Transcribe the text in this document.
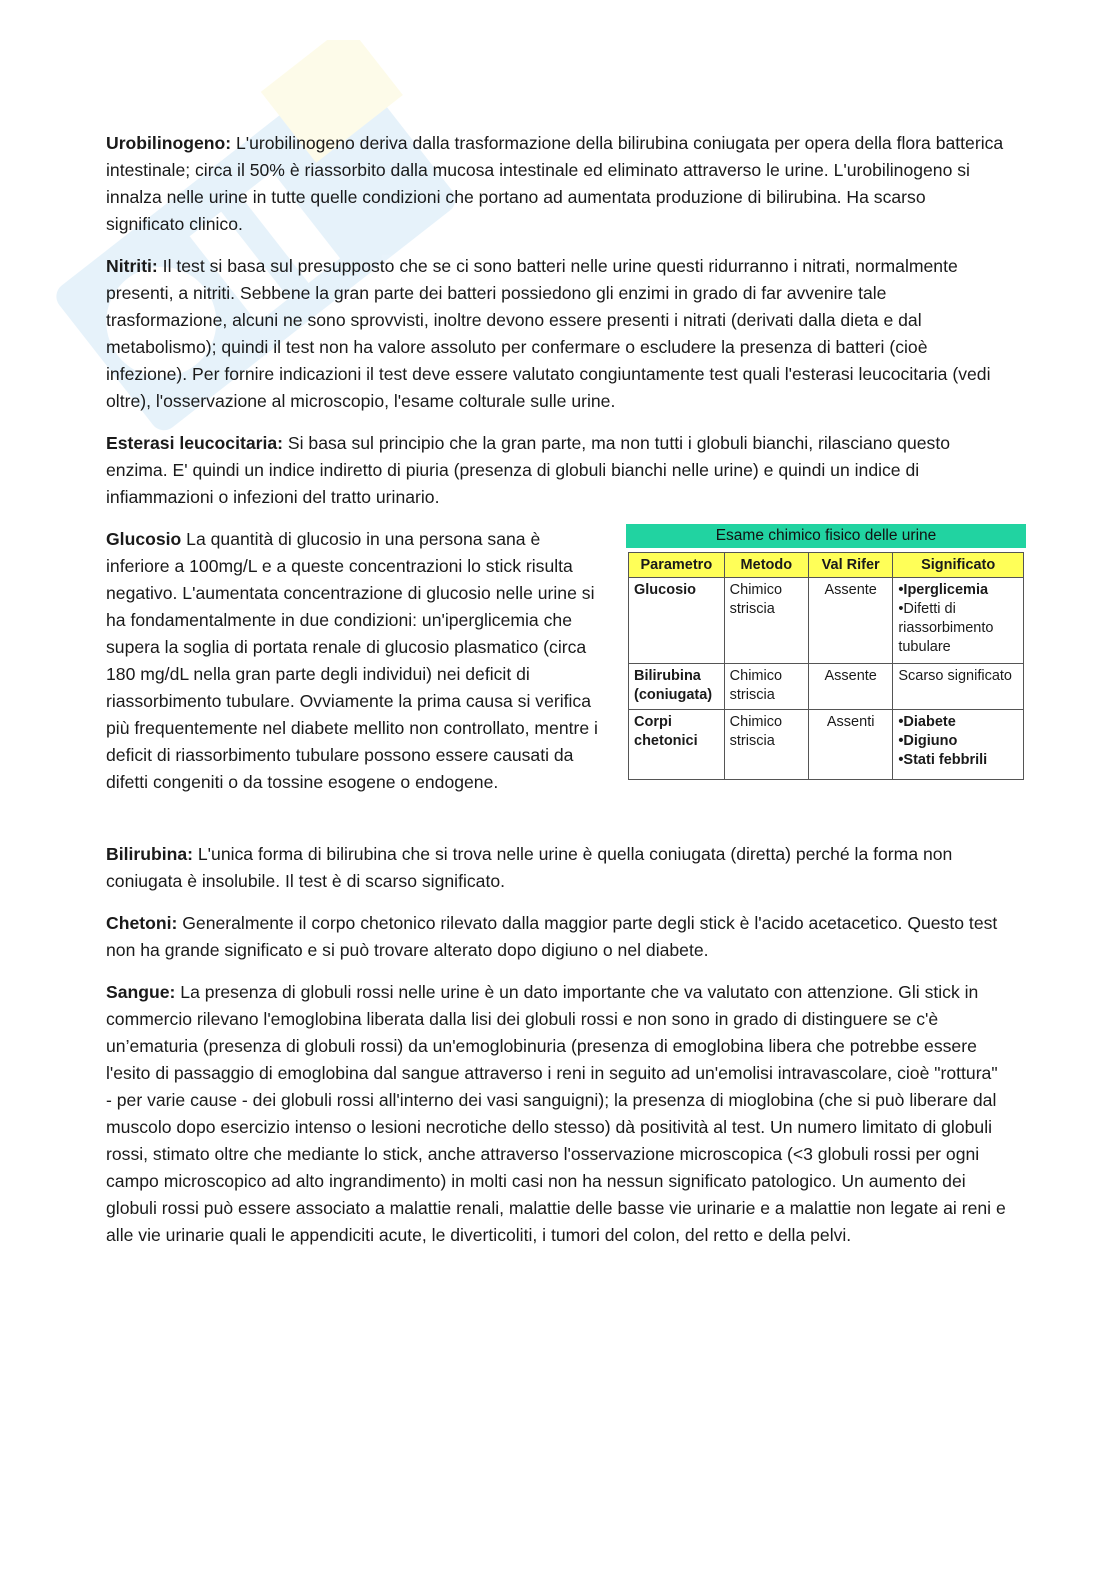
Urobilinogeno: L'urobilinogeno deriva dalla trasformazione della bilirubina coniugata per opera della flora batterica intestinale; circa il 50% è riassorbito dalla mucosa intestinale ed eliminato attraverso le urine. L'urobilinogeno si innalza nelle urine in tutte quelle condizioni che portano ad aumentata produzione di bilirubina. Ha scarso significato clinico.

Nitriti: Il test si basa sul presupposto che se ci sono batteri nelle urine questi ridurranno i nitrati, normalmente presenti, a nitriti. Sebbene la gran parte dei batteri possiedono gli enzimi in grado di far avvenire tale trasformazione, alcuni ne sono sprovvisti, inoltre devono essere presenti i nitrati (derivati dalla dieta e dal metabolismo); quindi il test non ha valore assoluto per confermare o escludere la presenza di batteri (cioè infezione). Per fornire indicazioni il test deve essere valutato congiuntamente test quali l'esterasi leucocitaria (vedi oltre), l'osservazione al microscopio, l'esame colturale sulle urine.

Esterasi leucocitaria: Si basa sul principio che la gran parte, ma non tutti i globuli bianchi, rilasciano questo enzima. E' quindi un indice indiretto di piuria (presenza di globuli bianchi nelle urine) e quindi un indice di infiammazioni o infezioni del tratto urinario.

Glucosio La quantità di glucosio in una persona sana è inferiore a 100mg/L e a queste concentrazioni lo stick risulta negativo. L'aumentata concentrazione di glucosio nelle urine si ha fondamentalmente in due condizioni: un'iperglicemia che supera la soglia di portata renale di glucosio plasmatico (circa 180 mg/dL nella gran parte degli individui) nei deficit di riassorbimento tubulare. Ovviamente la prima causa si verifica più frequentemente nel diabete mellito non controllato, mentre i deficit di riassorbimento tubulare possono essere causati da difetti congeniti o da tossine esogene o endogene.

Esame chimico fisico delle urine
Parametro	Metodo	Val Rifer	Significato
Glucosio	Chimico striscia	Assente	•Iperglicemia
•Difetti di riassorbimento tubulare

Bilirubina (coniugata)	Chimico striscia	Assente	Scarso significato

Corpi chetonici	Chimico striscia	Assenti	•Diabete
•Digiuno
•Stati febbrili

Bilirubina: L'unica forma di bilirubina che si trova nelle urine è quella coniugata (diretta) perché la forma non coniugata è insolubile. Il test è di scarso significato.

Chetoni: Generalmente il corpo chetonico rilevato dalla maggior parte degli stick è l'acido acetacetico. Questo test non ha grande significato e si può trovare alterato dopo digiuno o nel diabete.

Sangue: La presenza di globuli rossi nelle urine è un dato importante che va valutato con attenzione. Gli stick in commercio rilevano l'emoglobina liberata dalla lisi dei globuli rossi e non sono in grado di distinguere se c'è un’ematuria (presenza di globuli rossi) da un'emoglobinuria (presenza di emoglobina libera che potrebbe essere l'esito di passaggio di emoglobina dal sangue attraverso i reni in seguito ad un'emolisi intravascolare, cioè "rottura" - per varie cause - dei globuli rossi all'interno dei vasi sanguigni); la presenza di mioglobina (che si può liberare dal muscolo dopo esercizio intenso o lesioni necrotiche dello stesso) dà positività al test. Un numero limitato di globuli rossi, stimato oltre che mediante lo stick, anche attraverso l'osservazione microscopica (<3 globuli rossi per ogni campo microscopico ad alto ingrandimento) in molti casi non ha nessun significato patologico. Un aumento dei globuli rossi può essere associato a malattie renali, malattie delle basse vie urinarie e a malattie non legate ai reni e alle vie urinarie quali le appendiciti acute, le diverticoliti, i tumori del colon, del retto e della pelvi.
